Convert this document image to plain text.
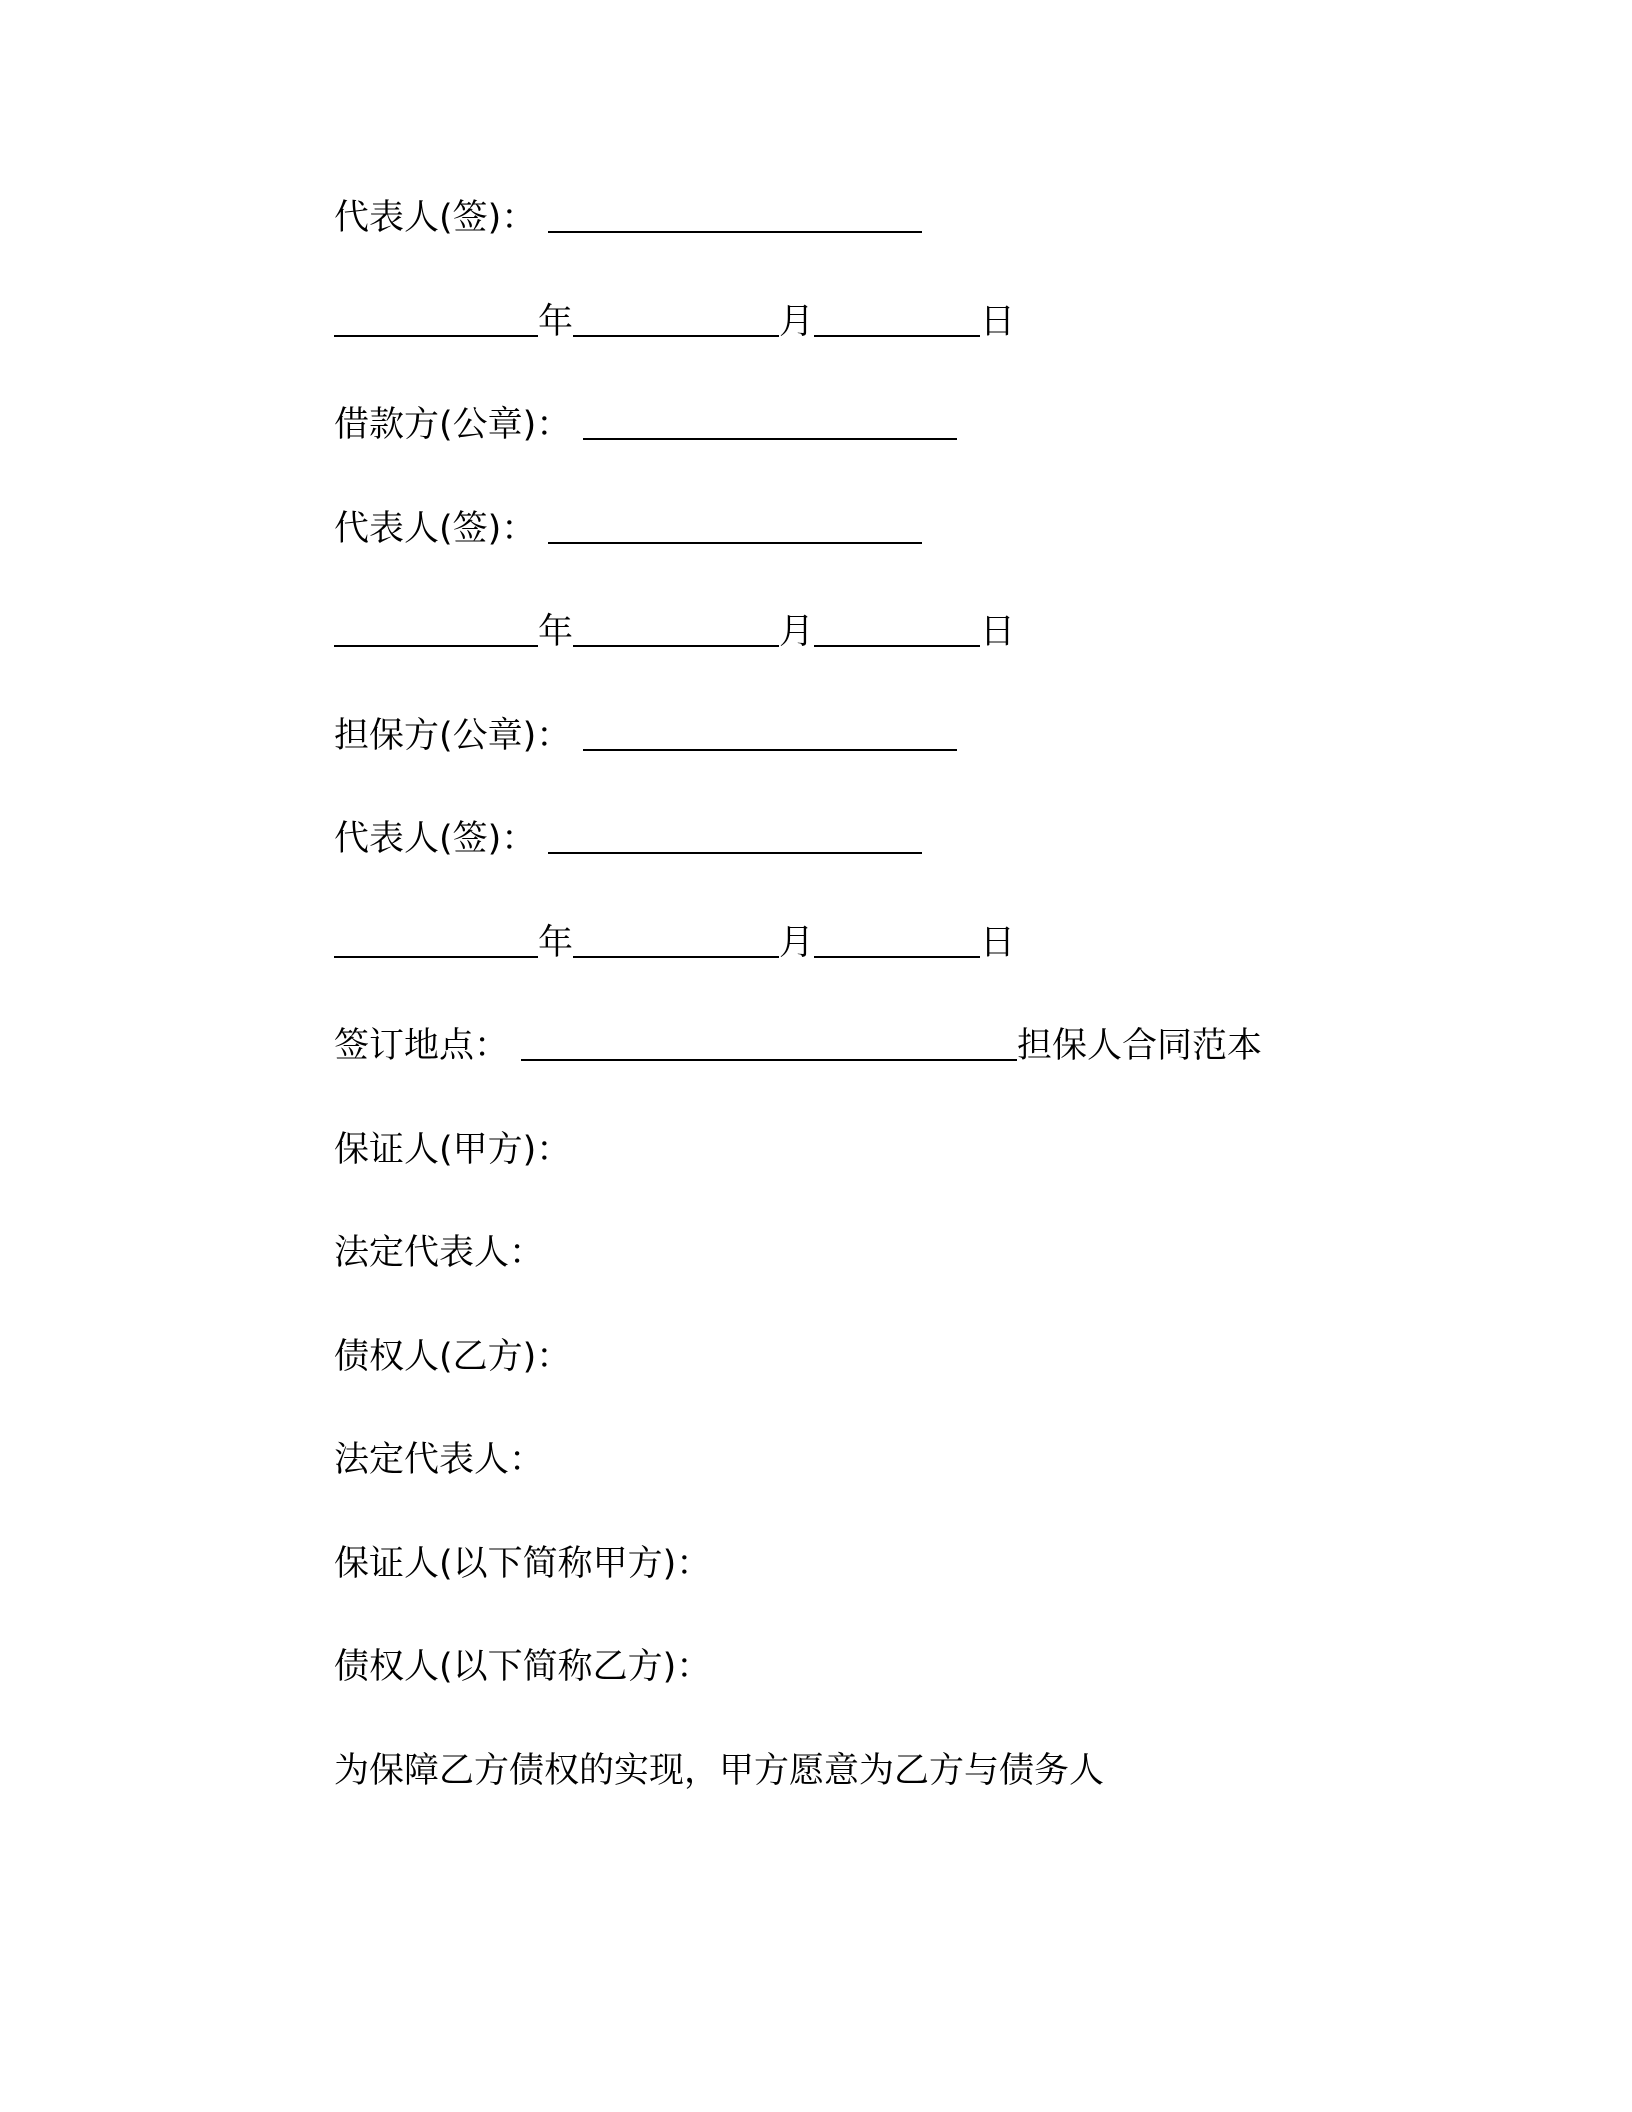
代表人(签)：
年	月	日
借款方(公章)：
代表人(签)：
年	月	日
担保方(公章)：
代表人(签)：
年	月	日
签订地点：	担保人合同范本
保证人(甲方)：
法定代表人：
债权人(乙方)：
法定代表人：
保证人(以下简称甲方)：
债权人(以下简称乙方)：
为保障乙方债权的实现，甲方愿意为乙方与债务人
